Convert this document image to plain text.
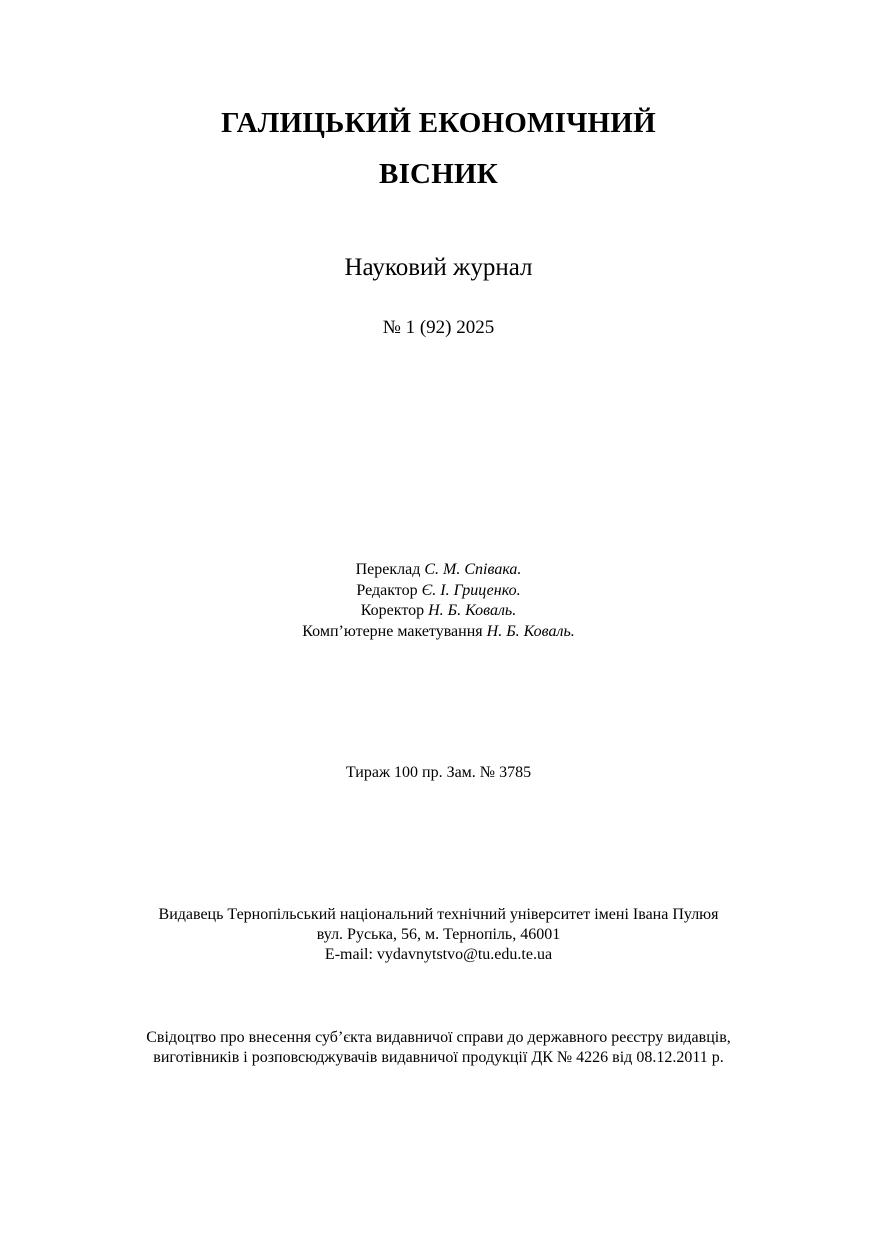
ГАЛИЦЬКИЙ ЕКОНОМІЧНИЙ
ВІСНИК
Науковий журнал
№ 1 (92) 2025
Переклад С. М. Співака.
Редактор Є. І. Гриценко.
Коректор Н. Б. Коваль.
Комп’ютерне макетування Н. Б. Коваль.
Тираж 100 пр. Зам. № 3785
Видавець Тернопільський національний технічний університет імені Івана Пулюя
вул. Руська, 56, м. Тернопіль, 46001
E-mail: vydavnytstvo@tu.edu.te.ua
Свідоцтво про внесення суб’єкта видавничої справи до державного реєстру видавців,
виготівників і розповсюджувачів видавничої продукції ДК № 4226 від 08.12.2011 р.
